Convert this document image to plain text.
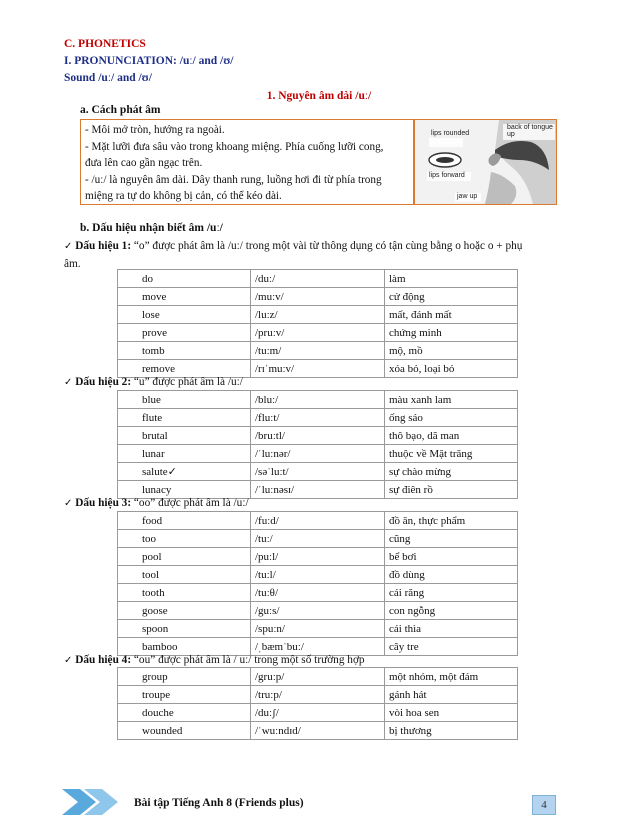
C. PHONETICS
I. PRONUNCIATION: /uː/ and /ʊ/
Sound /uː/ and /ʊ/
1. Nguyên âm dài /uː/
a. Cách phát âm

- Môi mở tròn, hướng ra ngoài.

- Mặt lưỡi đưa sâu vào trong khoang miệng. Phía cuống lưỡi cong,

đưa lên cao gần ngạc trên.

- /uː/ là nguyên âm dài. Dây thanh rung, luồng hơi đi từ phía trong

miệng ra tự do không bị cản, có thể kéo dài.

lips rounded
back of tongue up
lips forward
jaw up
b. Dấu hiệu nhận biết âm /uː/
✓ Dấu hiệu 1: “o” được phát âm là /uː/ trong một vài từ thông dụng có tận cùng bằng o hoặc o + phụ
âm.
do	/duː/	làm
move	/muːv/	cử động
lose	/luːz/	mất, đánh mất
prove	/pruːv/	chứng minh
tomb	/tuːm/	mộ, mồ
remove	/rɪˈmuːv/	xóa bỏ, loại bỏ
✓ Dấu hiệu 2: “u” được phát âm là /uː/
blue	/bluː/	màu xanh lam
flute	/fluːt/	ống sáo
brutal	/bruːtl/	thô bạo, dã man
lunar	/ˈluːnər/	thuộc về Mặt trăng
salute✓	/səˈluːt/	sự chào mừng
lunacy	/ˈluːnəsɪ/	sự điên rồ
✓ Dấu hiệu 3: “oo” được phát âm là /uː/
food	/fuːd/	đồ ăn, thực phẩm
too	/tuː/	cũng
pool	/puːl/	bể bơi
tool	/tuːl/	đồ dùng
tooth	/tuːθ/	cái răng
goose	/guːs/	con ngỗng
spoon	/spuːn/	cái thìa
bamboo	/ˌbæmˈbuː/	cây tre
✓ Dấu hiệu 4: “ou” được phát âm là / uː/ trong một số trường hợp
group	/gruːp/	một nhóm, một đám
troupe	/truːp/	gánh hát
douche	/duːʃ/	vòi hoa sen
wounded	/ˈwuːndɪd/	bị thương
Bài tập Tiếng Anh 8 (Friends plus)	4
